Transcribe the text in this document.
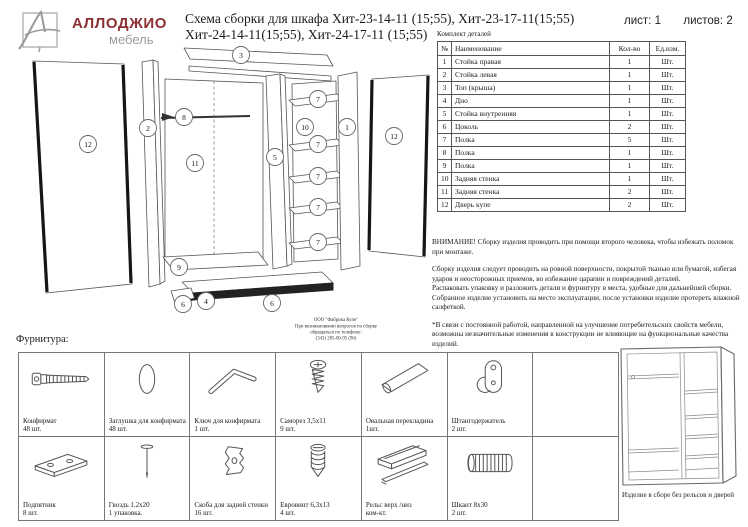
АЛЛОДЖИО
мебель
Схема сборки для шкафа Хит-23-14-11 (15;55), Хит-23-17-11(15;55)
Хит-24-14-11(15;55), Хит-24-17-11 (15;55)
лист: 1 листов: 2
12
2
11
8
3
5
10
7
7
7
7
7
1
12
9
6	4	6
ООО "Фабрика Купе"
При возникновении вопросов по сборке
обращаться по телефону:
(343) 285-00-95 (96)
Комплект деталей
№	Наименование	Кол-во	Ед.изм.
1	Стойка правая	1	Шт.
2	Стойка левая	1	Шт.
3	Топ (крыша)	1	Шт.
4	Дно	1	Шт.
5	Стойка внутренняя	1	Шт.
6	Цоколь	2	Шт.
7	Полка	5	Шт.
8	Полка	1	Шт.
9	Полка	1	Шт.
10	Задняя стенка	1	Шт.
11	Задняя стенка	2	Шт.
12	Дверь купе	2	Шт.

ВНИМАНИЕ! Сборку изделия проводить при помощи второго человека, чтобы избежать поломок при монтаже.

Сборку изделия следует проводить на ровной поверхности, покрытой тканью или бумагой, избегая ударов и неосторожных приемов, во избежание царапин и повреждений деталей.

Распаковать упаковку и разложить детали и фурнитуру в места, удобные для дальнейшей сборки.

Собранное изделие установить на место эксплуатации, после установки изделие протереть влажной салфеткой.

*В связи с постоянной работой, направленной на улучшение потребительских свойств мебели, возможны незначительные изменения в конструкции не влияющие на функциональные качества изделий.

Фурнитура:
Конфирмат
48 шт.
Заглушка для конфирмата
48 шт.
Ключ для конфирмата
1 шт.
Саморез 3,5х11
9 шт.
Овальная перекладина
1шт.
Штангодержатель
2 шт.
Подпятник
8 шт.
Гвоздь 1.2х20
1 упаковка.
Скоба для задней стенки
16 шт.
Евровинт 6,3х13
4 шт.
Рельс верх /низ
ком-кт.
Шкант 8х30
2 шт.
Изделие в сборе без рельсов и дверей
